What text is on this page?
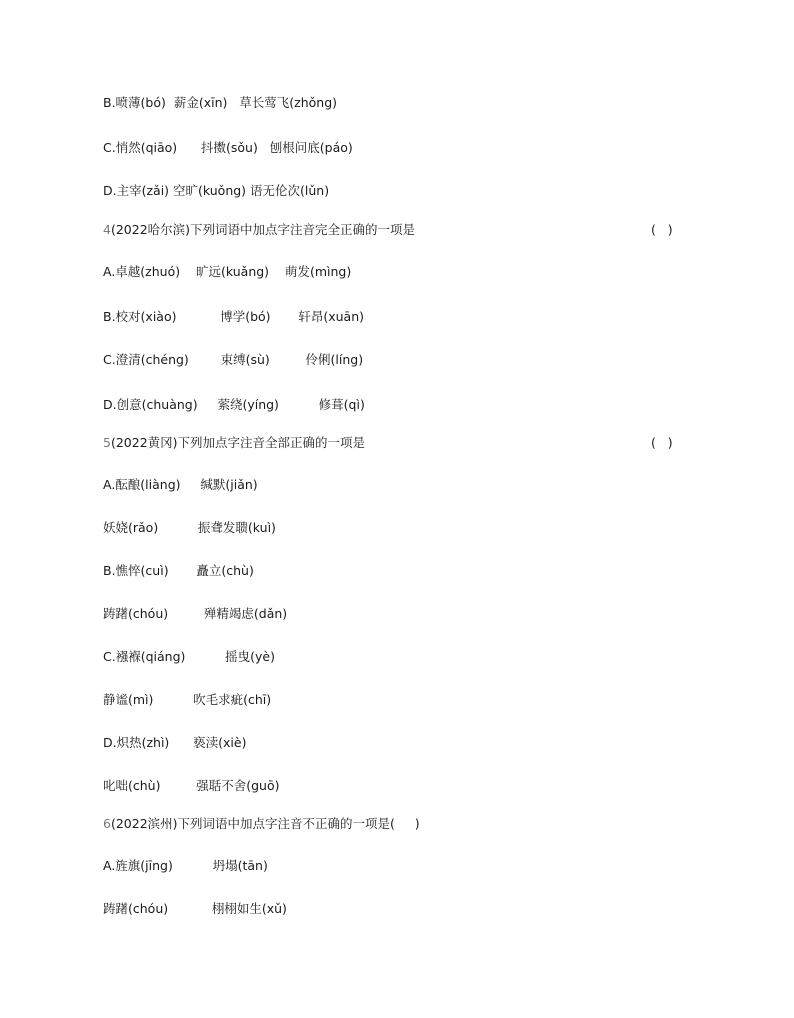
B.喷薄(bó)  薪金(xīn)   草长莺飞(zhǒng)
C.悄然(qiāo)      抖擞(sǒu)   刨根问底(páo)
D.主宰(zǎi) 空旷(kuǒng) 语无伦次(lǔn)
4(2022哈尔滨)下列词语中加点字注音完全正确的一项是	(   )
A.卓越(zhuó)    旷远(kuǎng)    萌发(mìng)
B.校对(xiào)           博学(bó)       轩昂(xuān)
C.澄清(chéng)        束缚(sù)         伶俐(líng)
D.创意(chuàng)     萦绕(yíng)          修葺(qì)
5(2022黄冈)下列加点字注音全部正确的一项是	(   )
A.酝酿(liàng)     缄默(jiǎn)
妖娆(rǎo)          振聋发聩(kuì)
B.憔悴(cuì)       矗立(chù)
踌躇(chóu)         殚精竭虑(dǎn)
C.襁褓(qiáng)          摇曳(yè)
静谧(mì)          吹毛求疵(chī)
D.炽热(zhì)      亵渎(xiè)
叱咄(chù)         强聒不舍(guō)
6(2022滨州)下列词语中加点字注音不正确的一项是(     )
A.旌旗(jīng)          坍塌(tān)
踌躇(chóu)           栩栩如生(xǔ)
